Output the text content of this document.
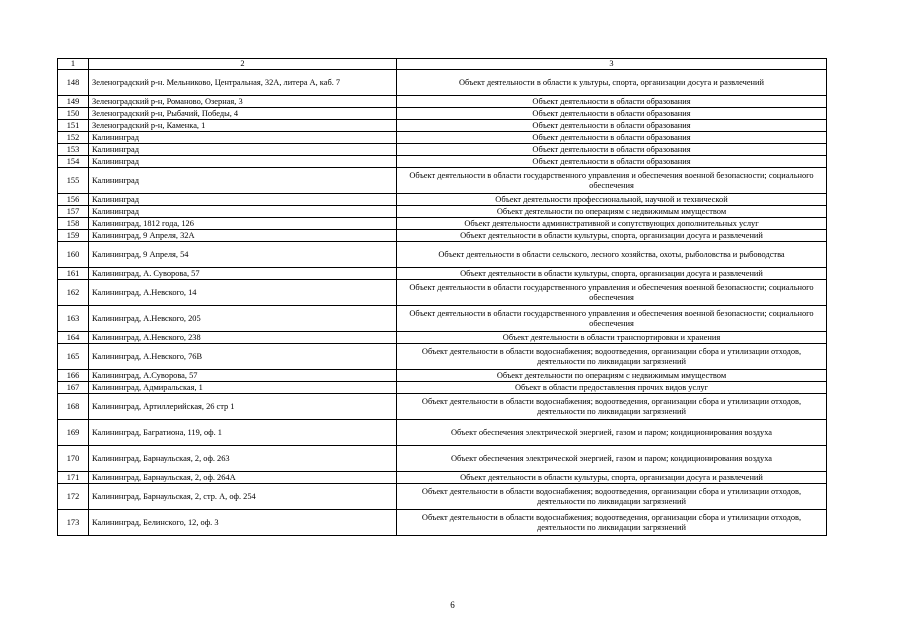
1	2	3
148	Зеленоградский р-н. Мельниково, Центральная, 32А, литера А, каб. 7	Объект деятельности в области к ультуры, спорта, организации досуга и развлечений
149	Зеленоградский р-н, Романово, Озерная, 3	Объект деятельности в области образования
150	Зеленоградский р-н, Рыбачий, Победы, 4	Объект деятельности в области образования
151	Зеленоградский р-н, Каменка, 1	Объект деятельности в области образования
152	Калининград	Объект деятельности в области образования
153	Калининград	Объект деятельности в области образования
154	Калининград	Объект деятельности в области образования
155	Калининград	Объект деятельности в области государственного управления и обеспечения военной безопасности; социального обеспечения
156	Калининград	Объект деятельности профессиональной, научной и технической
157	Калининград	Объект деятельности по операциям с недвижимым имуществом
158	Калининград, 1812 года, 126	Объект деятельности административной и сопутствующих дополнительных услуг
159	Калининград, 9 Апреля, 32А	Объект деятельности в области культуры, спорта, организации досуга и развлечений
160	Калининград, 9 Апреля, 54	Объект деятельности в области сельского, лесного хозяйства, охоты, рыболовства и рыбоводства
161	Калининград, А. Суворова, 57	Объект деятельности в области культуры, спорта, организации досуга и развлечений
162	Калининград, А.Невского, 14	Объект деятельности в области государственного управления и обеспечения военной безопасности; социального обеспечения
163	Калининград, А.Невского, 205	Объект деятельности в области государственного управления и обеспечения военной безопасности; социального обеспечения
164	Калининград, А.Невского, 238	Объект деятельности в области транспортировки и хранения
165	Калининград, А.Невского, 76В	Объект деятельности в области водоснабжения; водоотведения, организации сбора и утилизации отходов, деятельности по ликвидации загрязнений
166	Калининград, А.Суворова, 57	Объект деятельности по операциям с недвижимым имуществом
167	Калининград, Адмиральская, 1	Объект в области предоставления прочих видов услуг
168	Калининград, Артиллерийская, 26 стр 1	Объект деятельности в области водоснабжения; водоотведения, организации сбора и утилизации отходов, деятельности по ликвидации загрязнений
169	Калининград, Багратиона, 119, оф. 1	Объект обеспечения электрической энергией, газом и паром; кондиционирования воздуха
170	Калининград, Барнаульская, 2, оф. 263	Объект обеспечения электрической энергией, газом и паром; кондиционирования воздуха
171	Калининград, Барнаульская, 2, оф. 264А	Объект деятельности в области культуры, спорта, организации досуга и развлечений
172	Калининград, Барнаульская, 2, стр. А, оф. 254	Объект деятельности в области водоснабжения; водоотведения, организации сбора и утилизации отходов, деятельности по ликвидации загрязнений
173	Калининград, Белинского, 12, оф. 3	Объект деятельности в области водоснабжения; водоотведения, организации сбора и утилизации отходов, деятельности по ликвидации загрязнений
6
